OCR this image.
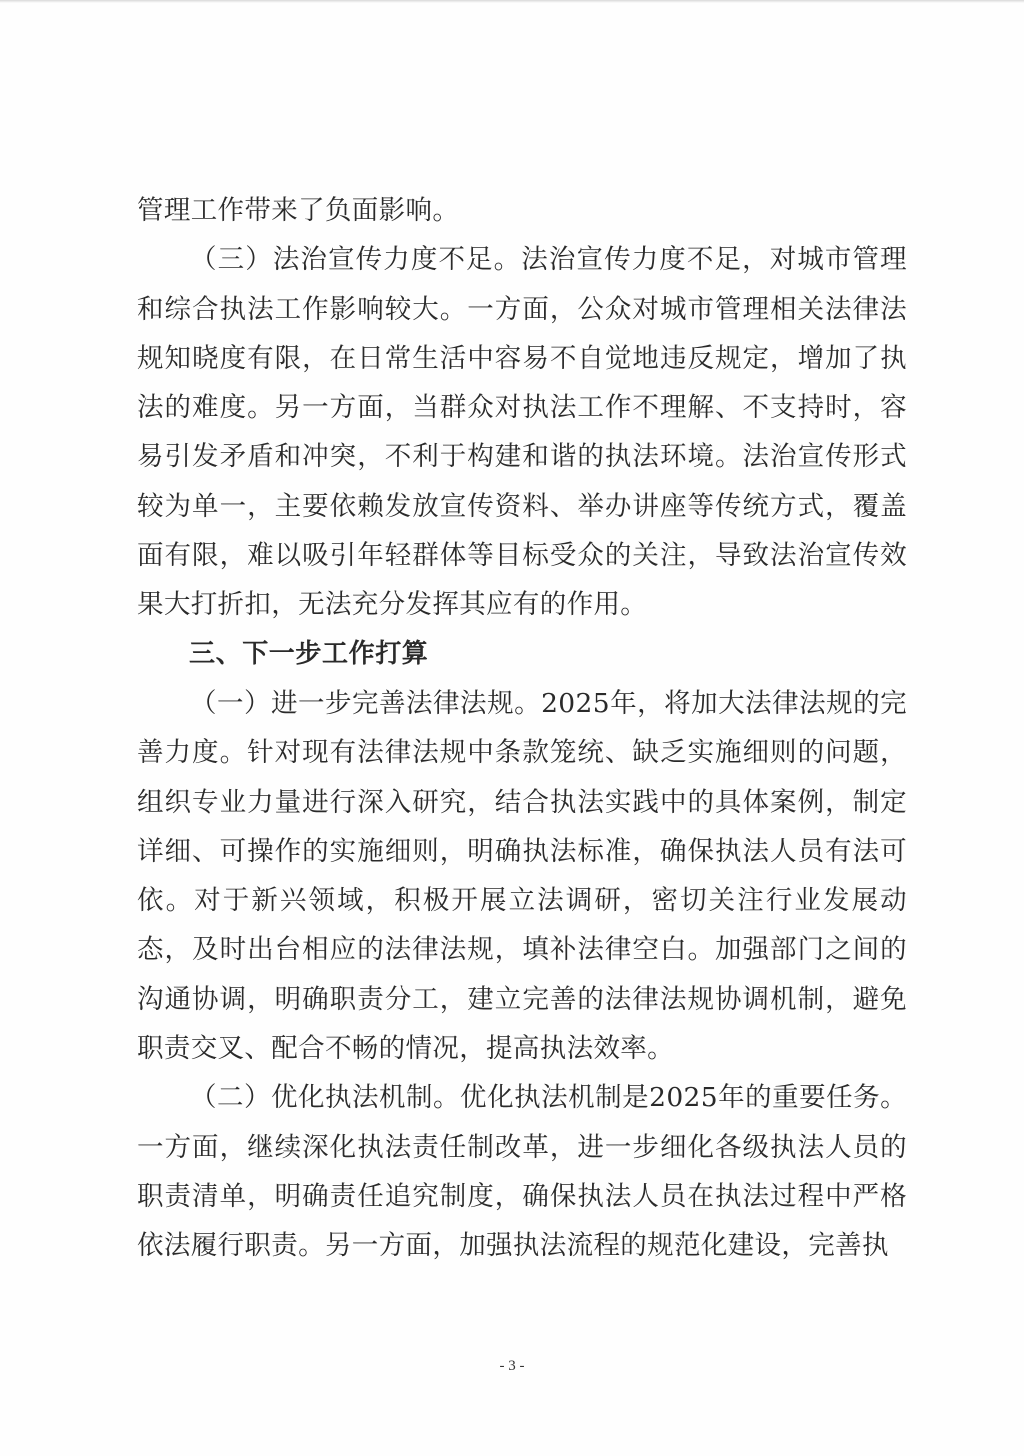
管理工作带来了负面影响。

（三）法治宣传力度不足。法治宣传力度不足，对城市管理和综合执法工作影响较大。一方面，公众对城市管理相关法律法规知晓度有限，在日常生活中容易不自觉地违反规定，增加了执法的难度。另一方面，当群众对执法工作不理解、不支持时，容易引发矛盾和冲突，不利于构建和谐的执法环境。法治宣传形式较为单一，主要依赖发放宣传资料、举办讲座等传统方式，覆盖面有限，难以吸引年轻群体等目标受众的关注，导致法治宣传效果大打折扣，无法充分发挥其应有的作用。

三、下一步工作打算

（一）进一步完善法律法规。2025年，将加大法律法规的完善力度。针对现有法律法规中条款笼统、缺乏实施细则的问题，组织专业力量进行深入研究，结合执法实践中的具体案例，制定详细、可操作的实施细则，明确执法标准，确保执法人员有法可依。对于新兴领域，积极开展立法调研，密切关注行业发展动态，及时出台相应的法律法规，填补法律空白。加强部门之间的沟通协调，明确职责分工，建立完善的法律法规协调机制，避免职责交叉、配合不畅的情况，提高执法效率。

（二）优化执法机制。优化执法机制是2025年的重要任务。一方面，继续深化执法责任制改革，进一步细化各级执法人员的职责清单，明确责任追究制度，确保执法人员在执法过程中严格依法履行职责。另一方面，加强执法流程的规范化建设，完善执

- 3 -
